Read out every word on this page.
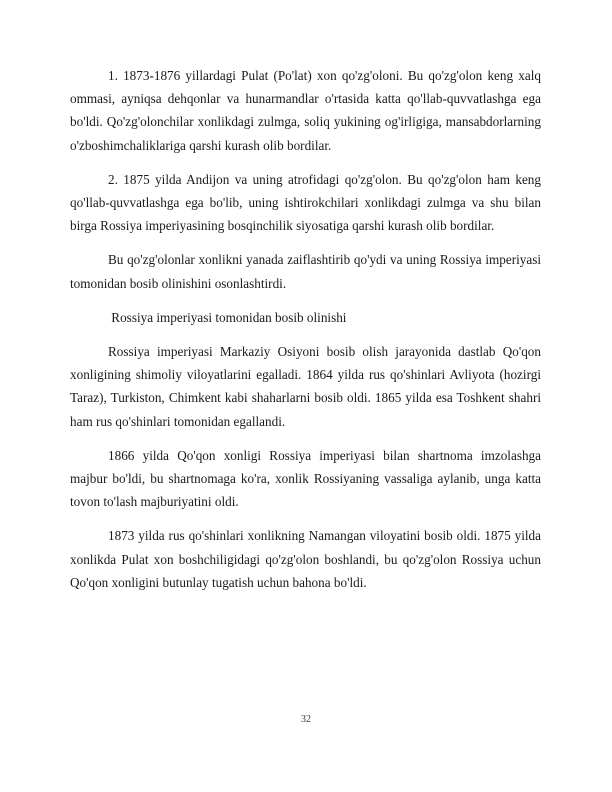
1. 1873-1876 yillardagi Pulat (Po'lat) xon qo'zg'oloni. Bu qo'zg'olon keng xalq ommasi, ayniqsa dehqonlar va hunarmandlar o'rtasida katta qo'llab-quvvatlashga ega bo'ldi. Qo'zg'olonchilar xonlikdagi zulmga, soliq yukining og'irligiga, mansabdorlarning o'zboshimchaliklariga qarshi kurash olib bordilar.

2. 1875 yilda Andijon va uning atrofidagi qo'zg'olon. Bu qo'zg'olon ham keng qo'llab-quvvatlashga ega bo'lib, uning ishtirokchilari xonlikdagi zulmga va shu bilan birga Rossiya imperiyasining bosqinchilik siyosatiga qarshi kurash olib bordilar.

Bu qo'zg'olonlar xonlikni yanada zaiflashtirib qo'ydi va uning Rossiya imperiyasi tomonidan bosib olinishini osonlashtirdi.

Rossiya imperiyasi tomonidan bosib olinishi

Rossiya imperiyasi Markaziy Osiyoni bosib olish jarayonida dastlab Qo'qon xonligining shimoliy viloyatlarini egalladi. 1864 yilda rus qo'shinlari Avliyota (hozirgi Taraz), Turkiston, Chimkent kabi shaharlarni bosib oldi. 1865 yilda esa Toshkent shahri ham rus qo'shinlari tomonidan egallandi.

1866 yilda Qo'qon xonligi Rossiya imperiyasi bilan shartnoma imzolashga majbur bo'ldi, bu shartnomaga ko'ra, xonlik Rossiyaning vassaliga aylanib, unga katta tovon to'lash majburiyatini oldi.

1873 yilda rus qo'shinlari xonlikning Namangan viloyatini bosib oldi. 1875 yilda xonlikda Pulat xon boshchiligidagi qo'zg'olon boshlandi, bu qo'zg'olon Rossiya uchun Qo'qon xonligini butunlay tugatish uchun bahona bo'ldi.

32
